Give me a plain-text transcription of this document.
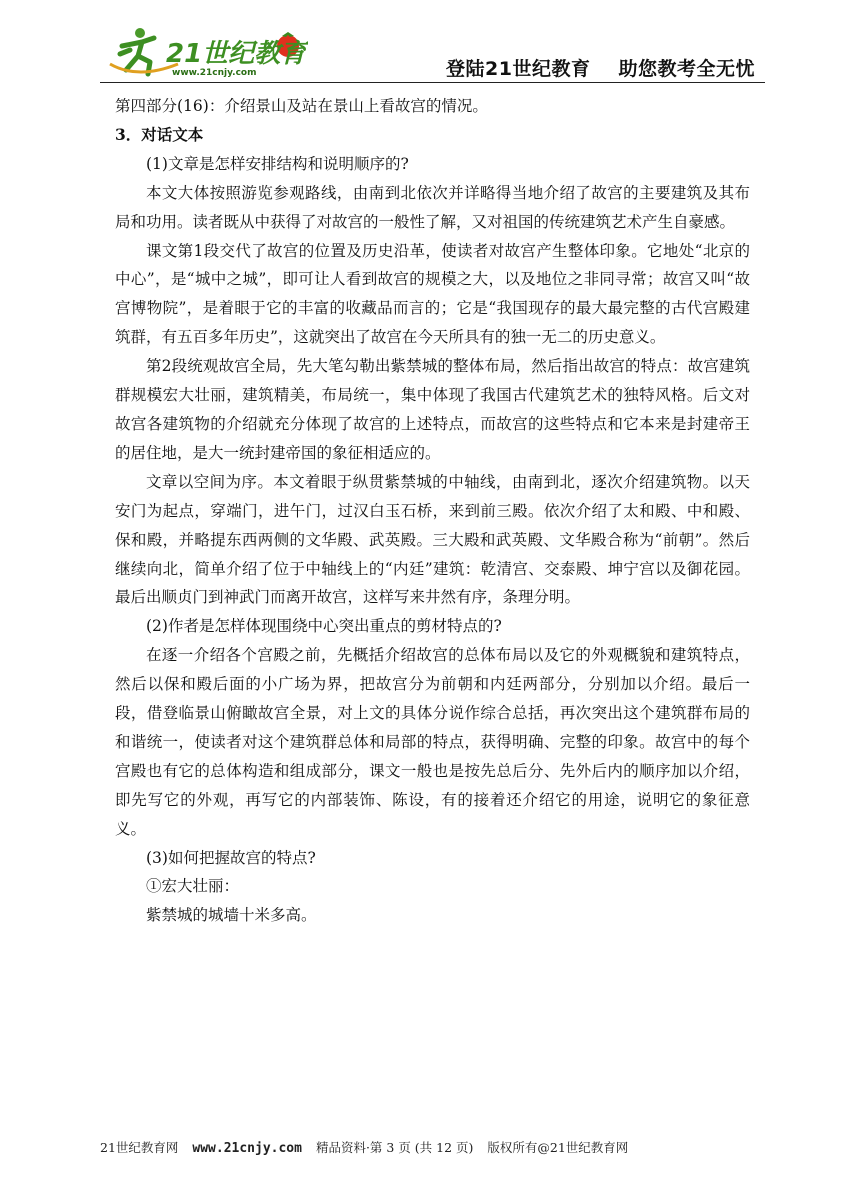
21世纪教育
www.21cnjy.com	登陆21世纪教育 助您教考全无忧

第四部分(16)：介绍景山及站在景山上看故宫的情况。

3．对话文本

(1)文章是怎样安排结构和说明顺序的?

本文大体按照游览参观路线，由南到北依次并详略得当地介绍了故宫的主要建筑及其布局和功用。读者既从中获得了对故宫的一般性了解，又对祖国的传统建筑艺术产生自豪感。

课文第1段交代了故宫的位置及历史沿革，使读者对故宫产生整体印象。它地处“北京的中心”，是“城中之城”，即可让人看到故宫的规模之大，以及地位之非同寻常；故宫又叫“故宫博物院”，是着眼于它的丰富的收藏品而言的；它是“我国现存的最大最完整的古代宫殿建筑群，有五百多年历史”，这就突出了故宫在今天所具有的独一无二的历史意义。

第2段统观故宫全局，先大笔勾勒出紫禁城的整体布局，然后指出故宫的特点：故宫建筑群规模宏大壮丽，建筑精美，布局统一，集中体现了我国古代建筑艺术的独特风格。后文对故宫各建筑物的介绍就充分体现了故宫的上述特点，而故宫的这些特点和它本来是封建帝王的居住地，是大一统封建帝国的象征相适应的。

文章以空间为序。本文着眼于纵贯紫禁城的中轴线，由南到北，逐次介绍建筑物。以天安门为起点，穿端门，进午门，过汉白玉石桥，来到前三殿。依次介绍了太和殿、中和殿、保和殿，并略提东西两侧的文华殿、武英殿。三大殿和武英殿、文华殿合称为“前朝”。然后继续向北，简单介绍了位于中轴线上的“内廷”建筑：乾清宫、交泰殿、坤宁宫以及御花园。最后出顺贞门到神武门而离开故宫，这样写来井然有序，条理分明。

(2)作者是怎样体现围绕中心突出重点的剪材特点的?

在逐一介绍各个宫殿之前，先概括介绍故宫的总体布局以及它的外观概貌和建筑特点，然后以保和殿后面的小广场为界，把故宫分为前朝和内廷两部分，分别加以介绍。最后一段，借登临景山俯瞰故宫全景，对上文的具体分说作综合总括，再次突出这个建筑群布局的和谐统一，使读者对这个建筑群总体和局部的特点，获得明确、完整的印象。故宫中的每个宫殿也有它的总体构造和组成部分，课文一般也是按先总后分、先外后内的顺序加以介绍，即先写它的外观，再写它的内部装饰、陈设，有的接着还介绍它的用途，说明它的象征意义。

(3)如何把握故宫的特点?

①宏大壮丽：

紫禁城的城墙十米多高。

21世纪教育网 www.21cnjy.com 精品资料·第 3 页 (共 12 页) 版权所有@21世纪教育网
